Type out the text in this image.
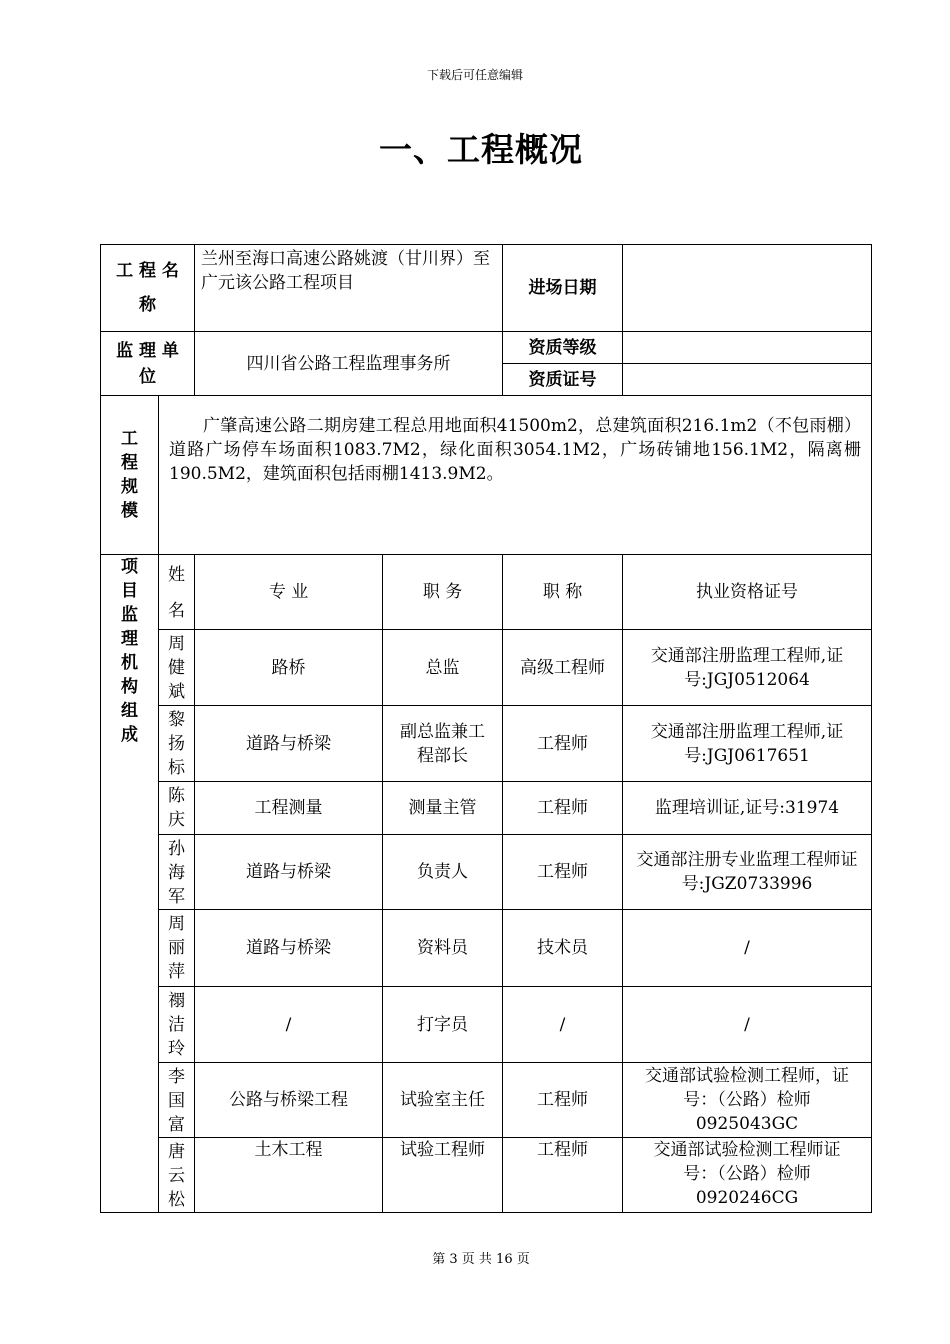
下载后可任意编辑
一、工程概况
工 程 名 称		兰州至海口高速公路姚渡（甘川界）至广元该公路工程项目		进场日期	
监 理 单 位		四川省公路工程监理事务所		资质等级	
				资质证号	
工程规模	广肇高速公路二期房建工程总用地面积41500m2，总建筑面积216.1m2（不包雨棚）道路广场停车场面积1083.7M2，绿化面积3054.1M2，广场砖铺地156.1M2，隔离栅190.5M2，建筑面积包括雨棚1413.9M2。				
项目监理机构组成	姓名	专 业	职 务	职 称	执业资格证号
	周健斌	路桥	总监	高级工程师	交通部注册监理工程师,证号:JGJ0512064
	黎扬标	道路与桥梁	副总监兼工程部长	工程师	交通部注册监理工程师,证号:JGJ0617651
	陈庆	工程测量	测量主管	工程师	监理培训证,证号:31974
	孙海军	道路与桥梁	负责人	工程师	交通部注册专业监理工程师证号:JGZ0733996
	周丽萍	道路与桥梁	资料员	技术员	/
	禤洁玲	/	打字员	/	/
	李国富	公路与桥梁工程	试验室主任	工程师	交通部试验检测工程师，证号：（公路）检师0925043GC
	唐云松	土木工程	试验工程师	工程师	交通部试验检测工程师证号：（公路）检师0920246CG
第 3 页 共 16 页
